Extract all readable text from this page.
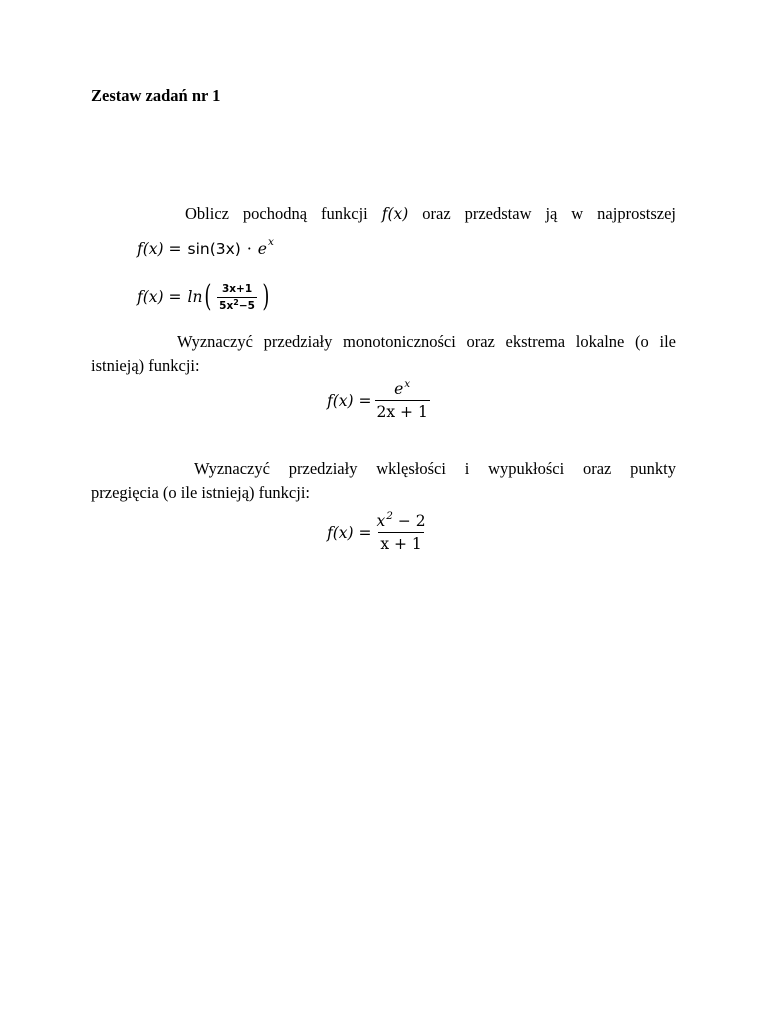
Zestaw zadań nr 1
Oblicz pochodną funkcji f(x) oraz przedstaw ją w najprostszej
f(x) = sin(3x) · e x
f(x) = ln ( $\frac{3x+1}{5x^2-5}$ )
Wyznaczyć przedziały monotoniczności oraz ekstrema lokalne (o ile
istnieją) funkcji:
$f(x) = \frac{e^x}{2x + 1}$
Wyznaczyć przedziały wklęsłości i wypukłości oraz punkty
przegięcia (o ile istnieją) funkcji:
$f(x) = \frac{x^2 - 2}{x + 1}$
